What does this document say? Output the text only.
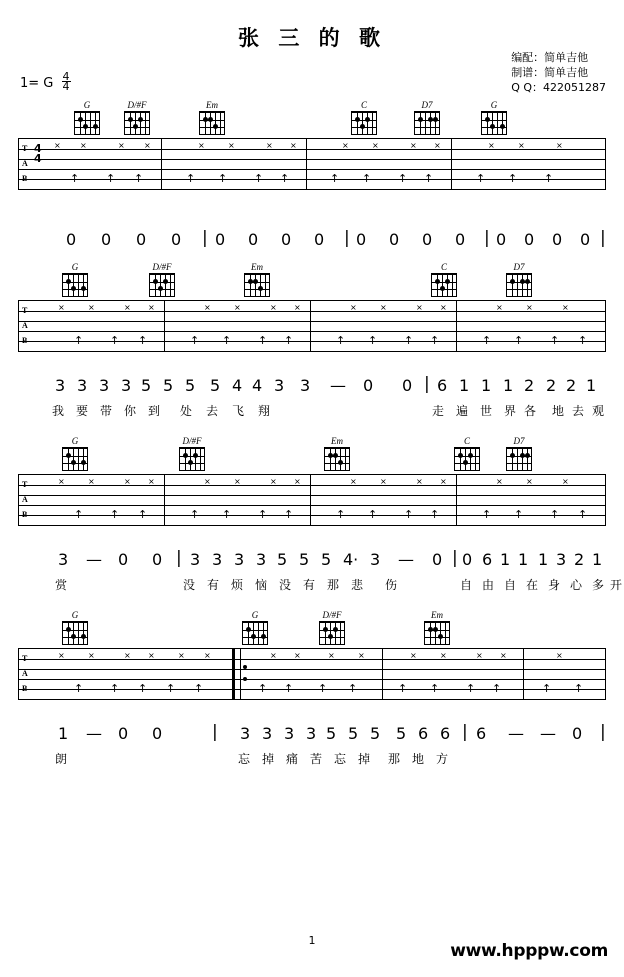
张 三 的 歌
编配：简单吉他
制谱：简单吉他
Q Q：422051287
1= G $\frac{4}{4}$
G	D/#F	Em	C	D7	G
T
A
B
4
4
× ×	× ×	×	×	× ×	×	×	× ×	×	×	×
↑ ↑ ↑	↑ ↑ ↑ ↑	↑ ↑ ↑ ↑	↑ ↑ ↑
0 0 0 0 | 0 0 0 0 | 0 0 0 0 | 0 0 0 0 |
G	D/#F	Em	C	D7
T
A
B
×	×	× ×	×	×	× ×	×	×	× ×	×	×	×
↑ ↑ ↑	↑ ↑ ↑ ↑	↑ ↑ ↑ ↑	↑ ↑ ↑ ↑
3 3 3 3 5 5 5 5 4 4 3 3 — 0 0 | 6 1 1 1 2 2 2 1
我 要 带 你 到 处 去 飞 翔	走 遍 世 界 各 地 去 观
G	D/#F	Em	C	D7
T
A
B
×	×	× ×	×	×	× ×	×	×	× ×	×	×	×
↑ ↑ ↑	↑ ↑ ↑ ↑	↑ ↑ ↑ ↑	↑ ↑ ↑ ↑
3 — 0 0 | 3 3 3 3 5 5 5 4· 3 — 0 | 0 6 1 1 1 3 2 1
赏	没 有 烦 恼 没 有 那 悲 伤	自 由 自 在 身 心 多 开
G	G	D/#F	Em
T
A
B
×	×	× ×	× ×	× ×	×	×	×	×	× ×	×
↑ ↑ ↑ ↑ ↑	↑ ↑ ↑ ↑	↑ ↑ ↑ ↑	↑ ↑
1 — 0 0	| 3 3 3 3 5 5 5 5 6 6 | 6 — — 0 |
朗	忘 掉 痛 苦 忘 掉 那 地 方
1
www.hpppw.com
